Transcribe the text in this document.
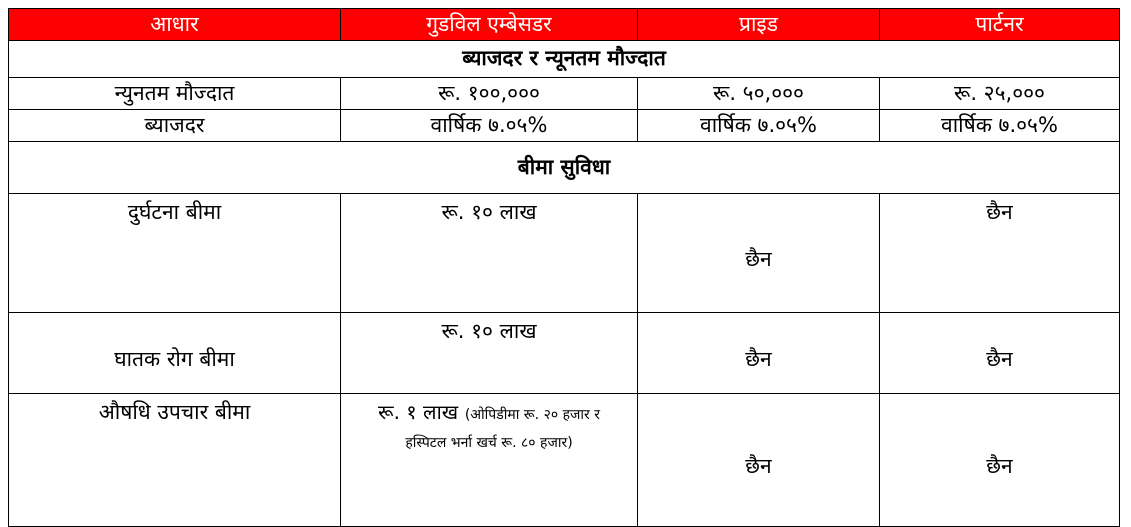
आधार	गुडविल एम्बेसडर	प्राइड	पार्टनर
ब्याजदर र न्यूनतम मौज्दात			
न्युनतम मौज्दात	रू. १००,०००	रू. ५०,०००	रू. २५,०००
ब्याजदर	वार्षिक ७.०५%	वार्षिक ७.०५%	वार्षिक ७.०५%
बीमा सुविधा			
दुर्घटना बीमा	रू. १० लाख	छैन	छैन
घातक रोग बीमा	रू. १० लाख	छैन	छैन
औषधि उपचार बीमा	रू. १ लाख (ओपिडीमा रू. २० हजार र हस्पिटल भर्ना खर्च रू. ८० हजार)	छैन	छैन
